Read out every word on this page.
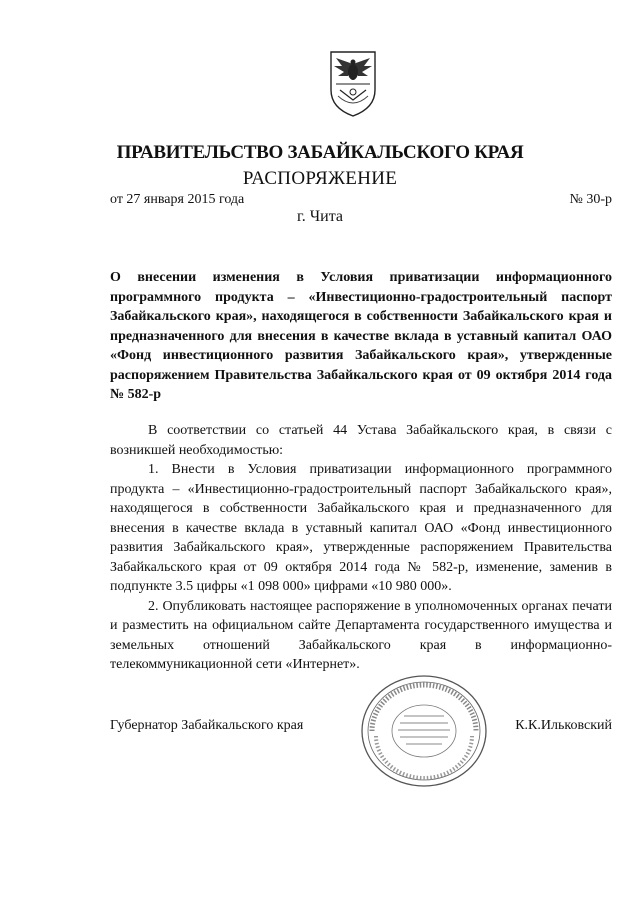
ПРАВИТЕЛЬСТВО ЗАБАЙКАЛЬСКОГО КРАЯ
РАСПОРЯЖЕНИЕ
от 27 января 2015 года	№ 30-р
г. Чита
О внесении изменения в Условия приватизации информационного программного продукта – «Инвестиционно-градостроительный паспорт Забайкальского края», находящегося в собственности Забайкальского края и предназначенного для внесения в качестве вклада в уставный капитал ОАО «Фонд инвестиционного развития Забайкальского края», утвержденные распоряжением Правительства Забайкальского края от 09 октября 2014 года № 582-р

В соответствии со статьей 44 Устава Забайкальского края, в связи с возникшей необходимостью:

1. Внести в Условия приватизации информационного программного продукта – «Инвестиционно-градостроительный паспорт Забайкальского края», находящегося в собственности Забайкальского края и предназначенного для внесения в качестве вклада в уставный капитал ОАО «Фонд инвестиционного развития Забайкальского края», утвержденные распоряжением Правительства Забайкальского края от 09 октября 2014 года № 582-р, изменение, заменив в подпункте 3.5 цифры «1 098 000» цифрами «10 980 000».

2. Опубликовать настоящее распоряжение в уполномоченных органах печати и разместить на официальном сайте Департамента государственного имущества и земельных отношений Забайкальского края в информационно-телекоммуникационной сети «Интернет».

Губернатор Забайкальского края	К.К.Ильковский
